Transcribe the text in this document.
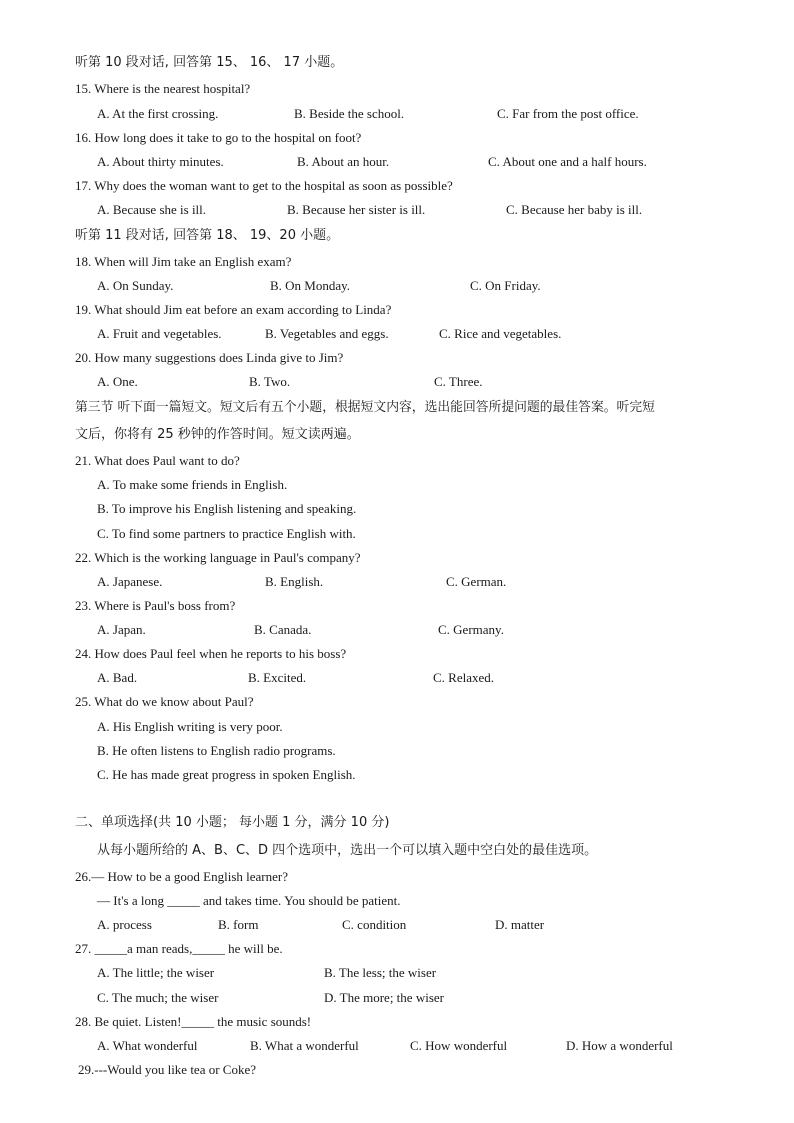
听第 10 段对话, 回答第 15、 16、 17 小题。
15. Where is the nearest hospital?
A. At the first crossing.	B. Beside the school.	C. Far from the post office.
16. How long does it take to go to the hospital on foot?
A. About thirty minutes.	B. About an hour.	C. About one and a half hours.
17. Why does the woman want to get to the hospital as soon as possible?
A. Because she is ill.	B. Because her sister is ill.	C. Because her baby is ill.
听第 11 段对话, 回答第 18、 19、20 小题。
18. When will Jim take an English exam?
A. On Sunday.	B. On Monday.	C. On Friday.
19. What should Jim eat before an exam according to Linda?
A. Fruit and vegetables.	B. Vegetables and eggs.	C. Rice and vegetables.
20. How many suggestions does Linda give to Jim?
A. One.	B. Two.	C. Three.
第三节 听下面一篇短文。短文后有五个小题，根据短文内容，选出能回答所提问题的最佳答案。听完短
文后，你将有 25 秒钟的作答时间。短文读两遍。
21. What does Paul want to do?
A. To make some friends in English.
B. To improve his English listening and speaking.
C. To find some partners to practice English with.
22. Which is the working language in Paul's company?
A. Japanese.	B. English.	C. German.
23. Where is Paul's boss from?
A. Japan.	B. Canada.	C. Germany.
24. How does Paul feel when he reports to his boss?
A. Bad.	B. Excited.	C. Relaxed.
25. What do we know about Paul?
A. His English writing is very poor.
B. He often listens to English radio programs.
C. He has made great progress in spoken English.
二、单项选择(共 10 小题； 每小题 1 分，满分 10 分)
从每小题所给的 A、B、C、D 四个选项中，选出一个可以填入题中空白处的最佳选项。
26.— How to be a good English learner?
— It's a long _____ and takes time. You should be patient.
A. process	B. form	C. condition	D. matter
27. _____a man reads,_____ he will be.
A. The little; the wiser	B. The less; the wiser
C. The much; the wiser	D. The more; the wiser
28. Be quiet. Listen!_____ the music sounds!
A. What wonderful	B. What a wonderful	C. How wonderful	D. How a wonderful
29.---Would you like tea or Coke?
